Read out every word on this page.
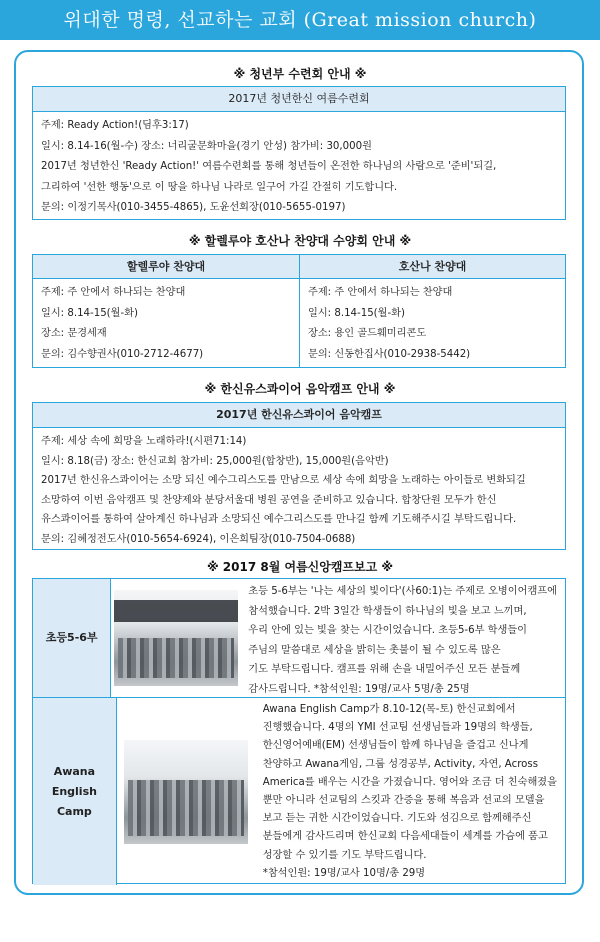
위대한 명령, 선교하는 교회 (Great mission church)
※ 청년부 수련회 안내 ※
2017년 청년한신 여름수련회
주제: Ready Action!(딤후3:17)
일시: 8.14-16(월-수) 장소: 너리굴문화마을(경기 안성) 참가비: 30,000원
2017년 청년한신 'Ready Action!' 여름수련회를 통해 청년들이 온전한 하나님의 사람으로 '준비'되길,
그리하여 '선한 행동'으로 이 땅을 하나님 나라로 일구어 가길 간절히 기도합니다.
문의: 이정기목사(010-3455-4865), 도윤선회장(010-5655-0197)
※ 할렐루야 호산나 찬양대 수양회 안내 ※
할렐루야 찬양대	호산나 찬양대
주제: 주 안에서 하나되는 찬양대
일시: 8.14-15(월-화)
장소: 문경세재
문의: 김수향권사(010-2712-4677)
주제: 주 안에서 하나되는 찬양대
일시: 8.14-15(월-화)
장소: 용인 골드훼미리콘도
문의: 신동한집사(010-2938-5442)
※ 한신유스콰이어 음악캠프 안내 ※
2017년 한신유스콰이어 음악캠프
주제: 세상 속에 희망을 노래하라!(시편71:14)
일시: 8.18(금) 장소: 한신교회 참가비: 25,000원(합창반), 15,000원(음악반)
2017년 한신유스콰이어는 소망 되신 예수그리스도를 만남으로 세상 속에 희망을 노래하는 아이들로 변화되길
소망하여 이번 음악캠프 및 찬양제와 분당서울대 병원 공연을 준비하고 있습니다. 합창단원 모두가 한신
유스콰이어를 통하여 살아계신 하나님과 소망되신 예수그리스도를 만나길 함께 기도해주시길 부탁드립니다.
문의: 김혜정전도사(010-5654-6924), 이은희팀장(010-7504-0688)
※ 2017 8월 여름신앙캠프보고 ※
초등5-6부
초등 5-6부는 '나는 세상의 빛이다'(사60:1)는 주제로 오병이어캠프에
참석했습니다. 2박 3일간 학생들이 하나님의 빛을 보고 느끼며,
우리 안에 있는 빛을 찾는 시간이었습니다. 초등5-6부 학생들이
주님의 말씀대로 세상을 밝히는 촛불이 될 수 있도록 많은
기도 부탁드립니다. 캠프를 위해 손을 내밀어주신 모든 분들께
감사드립니다. *참석인원: 19명/교사 5명/총 25명
Awana
English
Camp
Awana English Camp가 8.10-12(목-토) 한신교회에서
진행했습니다. 4명의 YMI 선교팀 선생님들과 19명의 학생들,
한신영어예배(EM) 선생님들이 함께 하나님을 즐겁고 신나게
찬양하고 Awana게임, 그룹 성경공부, Activity, 자연, Across
America를 배우는 시간을 가졌습니다. 영어와 조금 더 친숙해졌을
뿐만 아니라 선교팀의 스킷과 간증을 통해 복음과 선교의 모델을
보고 듣는 귀한 시간이었습니다. 기도와 섬김으로 함께해주신
분들에게 감사드리며 한신교회 다음세대들이 세계를 가슴에 품고
성장할 수 있기를 기도 부탁드립니다.
*참석인원: 19명/교사 10명/총 29명
